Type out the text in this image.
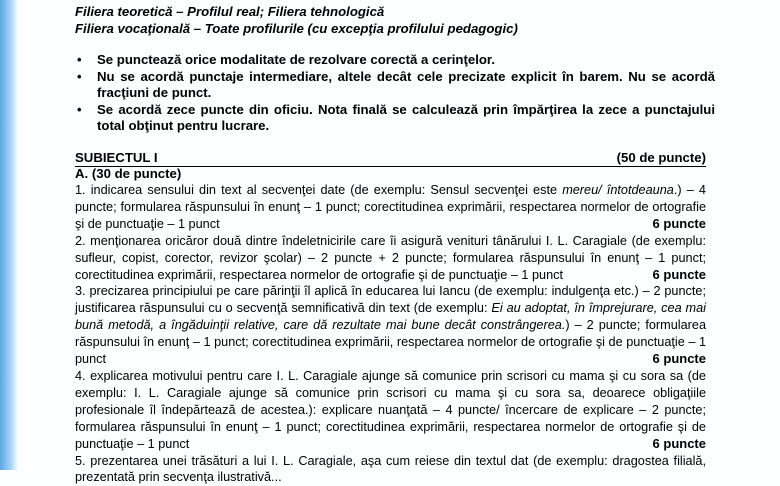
Filiera teoretică – Profilul real; Filiera tehnologică
Filiera vocaţională – Toate profilurile (cu excepţia profilului pedagogic)
• Se punctează orice modalitate de rezolvare corectă a cerinţelor.
• Nu se acordă punctaje intermediare, altele decât cele precizate explicit în barem. Nu se acordă fracţiuni de punct.
• Se acordă zece puncte din oficiu. Nota finală se calculează prin împărţirea la zece a punctajului total obţinut pentru lucrare.
SUBIECTUL I	(50 de puncte)
A. (30 de puncte)
1. indicarea sensului din text al secvenţei date (de exemplu: Sensul secvenţei este mereu/ întotdeauna.) – 4 puncte; formularea răspunsului în enunţ – 1 punct; corectitudinea exprimării, respectarea normelor de ortografie şi de punctuaţie – 1 punct	6 puncte
2. menţionarea oricăror două dintre îndeletnicirile care îi asigură venituri tânărului I. L. Caragiale (de exemplu: sufleur, copist, corector, revizor şcolar) – 2 puncte + 2 puncte; formularea răspunsului în enunţ – 1 punct; corectitudinea exprimării, respectarea normelor de ortografie şi de punctuaţie – 1 punct	6 puncte
3. precizarea principiului pe care părinţii îl aplică în educarea lui Iancu (de exemplu: indulgenţa etc.) – 2 puncte; justificarea răspunsului cu o secvenţă semnificativă din text (de exemplu: Ei au adoptat, în împrejurare, cea mai bună metodă, a îngăduinţii relative, care dă rezultate mai bune decât constrângerea.) – 2 puncte; formularea răspunsului în enunţ – 1 punct; corectitudinea exprimării, respectarea normelor de ortografie şi de punctuaţie – 1 punct	6 puncte
4. explicarea motivului pentru care I. L. Caragiale ajunge să comunice prin scrisori cu mama şi cu sora sa (de exemplu: I. L. Caragiale ajunge să comunice prin scrisori cu mama şi cu sora sa, deoarece obligaţiile profesionale îl îndepărtează de acestea.): explicare nuanţată – 4 puncte/ încercare de explicare – 2 puncte; formularea răspunsului în enunţ – 1 punct; corectitudinea exprimării, respectarea normelor de ortografie şi de punctuaţie – 1 punct	6 puncte
5. prezentarea unei trăsături a lui I. L. Caragiale, aşa cum reiese din textul dat (de exemplu: dragostea filială, prezentată prin secvenţa ilustrativă...
